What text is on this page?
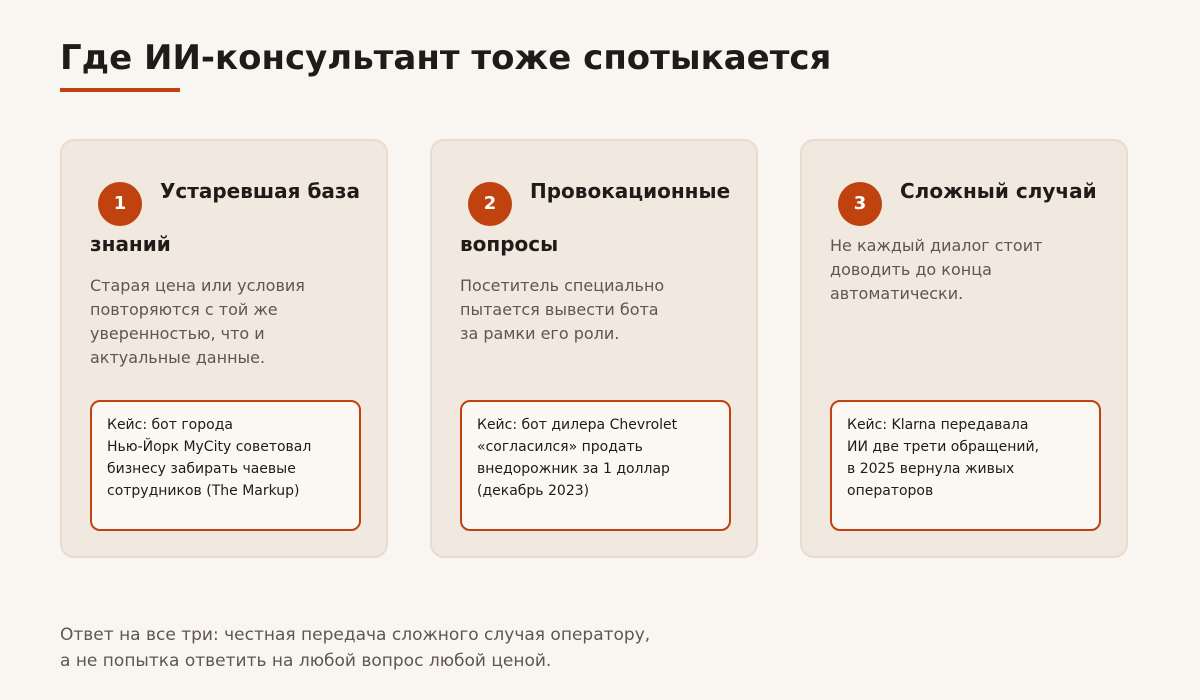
Где ИИ-консультант тоже спотыкается
1Устаревшая база знаний

Старая цена или условия
повторяются с той же
уверенностью, что и
актуальные данные.

Кейс: бот города
Нью-Йорк MyCity советовал
бизнесу забирать чаевые
сотрудников (The Markup)
2Провокационные вопросы

Посетитель специально
пытается вывести бота
за рамки его роли.

Кейс: бот дилера Chevrolet
«согласился» продать
внедорожник за 1 доллар
(декабрь 2023)
3Сложный случай

Не каждый диалог стоит
доводить до конца
автоматически.

Кейс: Klarna передавала
ИИ две трети обращений,
в 2025 вернула живых
операторов

Ответ на все три: честная передача сложного случая оператору,
а не попытка ответить на любой вопрос любой ценой.
